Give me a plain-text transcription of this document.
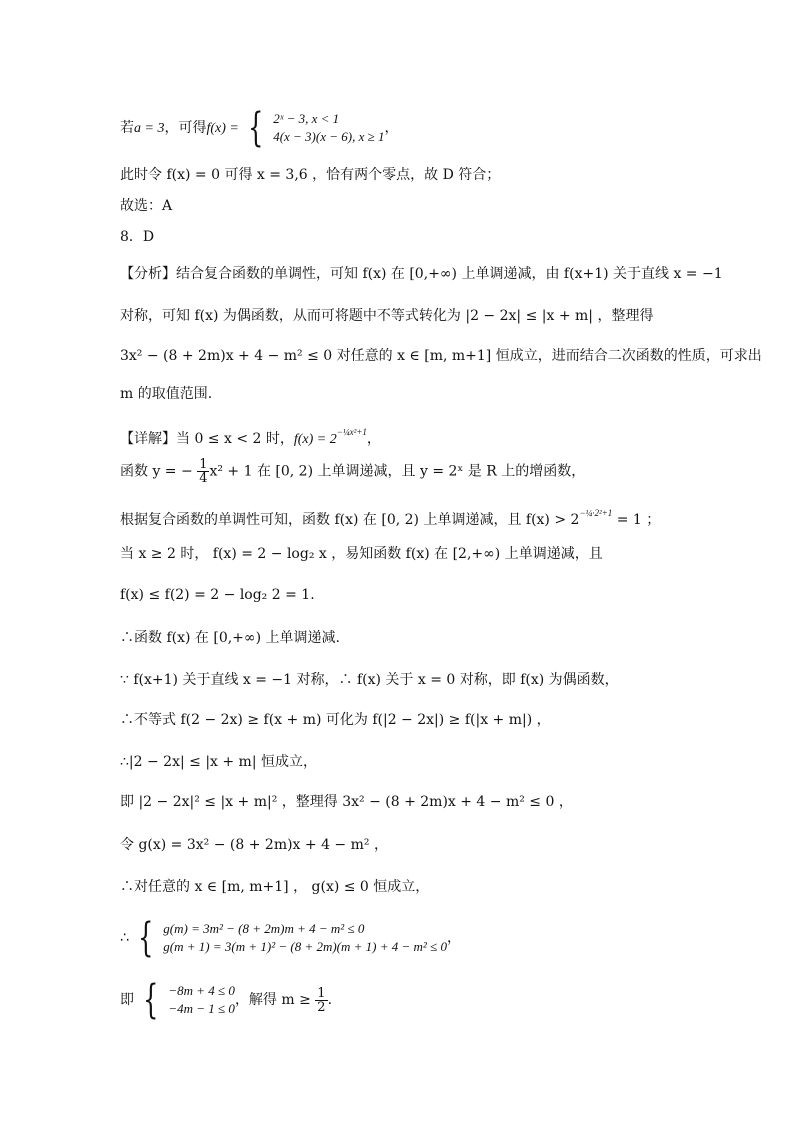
若a = 3，可得f(x) = { 2ˣ − 3, x < 1
4(x − 3)(x − 6), x ≥ 1
，
此时令 f(x) = 0 可得 x = 3,6 ，恰有两个零点，故 D 符合；
故选：A
8．D
【分析】结合复合函数的单调性，可知 f(x) 在 [0,+∞) 上单调递减，由 f(x+1) 关于直线 x = −1
对称，可知 f(x) 为偶函数，从而可将题中不等式转化为 |2 − 2x| ≤ |x + m| ，整理得
3x² − (8 + 2m)x + 4 − m² ≤ 0 对任意的 x ∈ [m, m+1] 恒成立，进而结合二次函数的性质，可求出
m 的取值范围.
【详解】当 0 ≤ x < 2 时，$f(x) = 2^{-\frac{1}{4}x^2+1}$，
函数 y = − $\frac{1}{4} x^2 + 1$ 在 [0, 2) 上单调递减，且 y = 2ˣ 是 R 上的增函数，
根据复合函数的单调性可知，函数 f(x) 在 [0, 2) 上单调递减，且 $f(x) > 2^{-\frac{1}{4}\cdot 2^2+1} = 1$ ；
当 x ≥ 2 时， f(x) = 2 − log₂ x ，易知函数 f(x) 在 [2,+∞) 上单调递减，且
f(x) ≤ f(2) = 2 − log₂ 2 = 1.
∴函数 f(x) 在 [0,+∞) 上单调递减.
∵ f(x+1) 关于直线 x = −1 对称，∴ f(x) 关于 x = 0 对称，即 f(x) 为偶函数，
∴不等式 f(2 − 2x) ≥ f(x + m) 可化为 f(|2 − 2x|) ≥ f(|x + m|) ，
∴|2 − 2x| ≤ |x + m| 恒成立，
即 |2 − 2x|² ≤ |x + m|² ，整理得 3x² − (8 + 2m)x + 4 − m² ≤ 0 ，
令 g(x) = 3x² − (8 + 2m)x + 4 − m² ，
∴对任意的 x ∈ [m, m+1] ， g(x) ≤ 0 恒成立，
∴ { g(m) = 3m² − (8 + 2m)m + 4 − m² ≤ 0
g(m + 1) = 3(m + 1)² − (8 + 2m)(m + 1) + 4 − m² ≤ 0
，
即 { −8m + 4 ≤ 0
−4m − 1 ≤ 0
，解得 $m \ge \frac{1}{2}$ .
